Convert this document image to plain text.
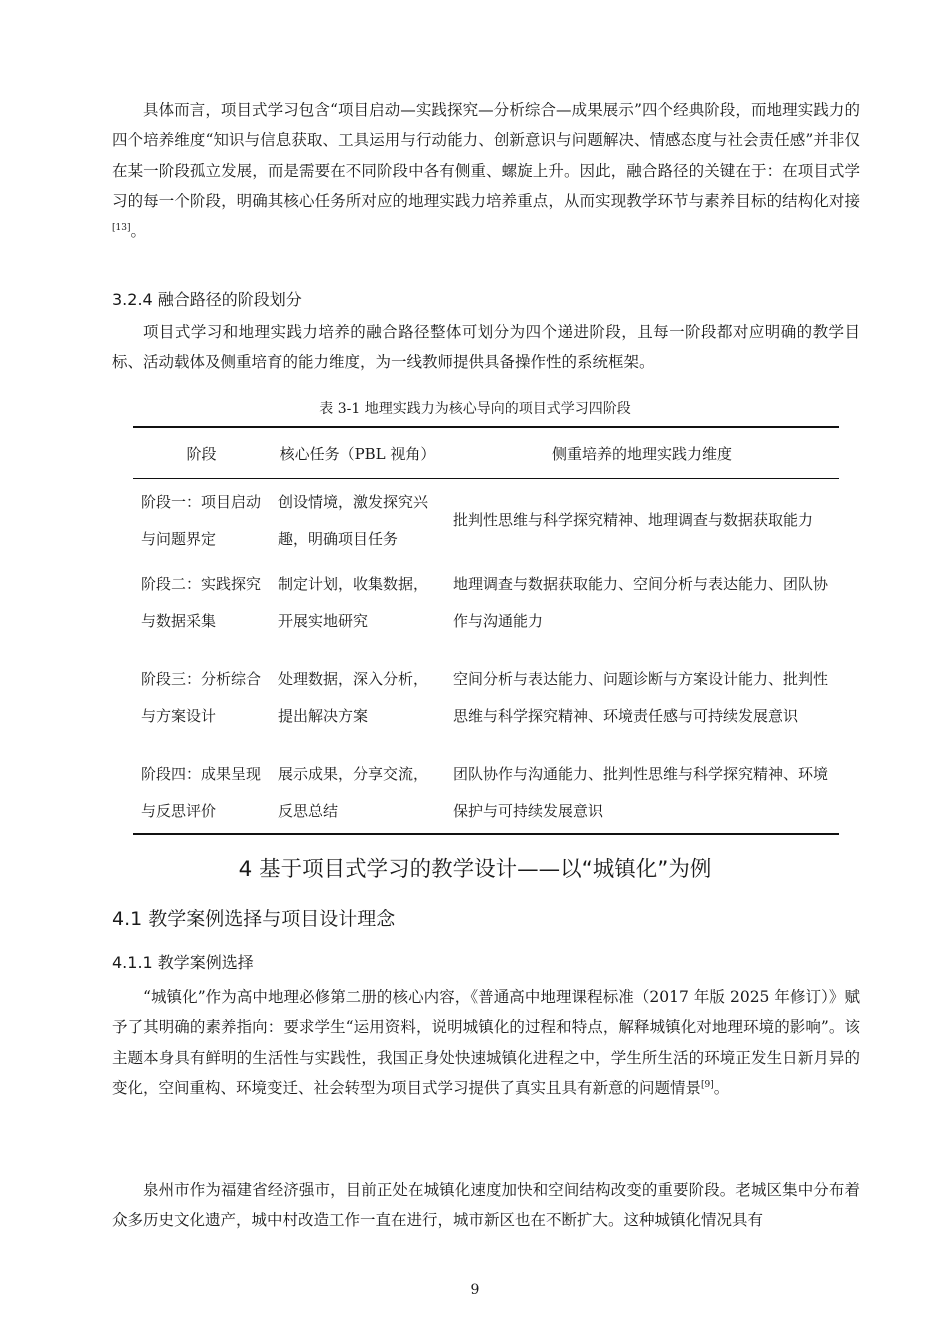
具体而言，项目式学习包含“项目启动—实践探究—分析综合—成果展示”四个经典阶段，而地理实践力的四个培养维度“知识与信息获取、工具运用与行动能力、创新意识与问题解决、情感态度与社会责任感”并非仅在某一阶段孤立发展，而是需要在不同阶段中各有侧重、螺旋上升。因此，融合路径的关键在于：在项目式学习的每一个阶段，明确其核心任务所对应的地理实践力培养重点，从而实现教学环节与素养目标的结构化对接[13]。

3.2.4 融合路径的阶段划分

项目式学习和地理实践力培养的融合路径整体可划分为四个递进阶段，且每一阶段都对应明确的教学目标、活动载体及侧重培育的能力维度，为一线教师提供具备操作性的系统框架。

表 3-1 地理实践力为核心导向的项目式学习四阶段

阶段	核心任务（PBL 视角）	侧重培养的地理实践力维度
阶段一：项目启动与问题界定	创设情境，激发探究兴趣，明确项目任务	批判性思维与科学探究精神、地理调查与数据获取能力
阶段二：实践探究与数据采集	制定计划，收集数据，开展实地研究	地理调查与数据获取能力、空间分析与表达能力、团队协作与沟通能力
阶段三：分析综合与方案设计	处理数据，深入分析，提出解决方案	空间分析与表达能力、问题诊断与方案设计能力、批判性思维与科学探究精神、环境责任感与可持续发展意识
阶段四：成果呈现与反思评价	展示成果，分享交流，反思总结	团队协作与沟通能力、批判性思维与科学探究精神、环境保护与可持续发展意识

4 基于项目式学习的教学设计——以“城镇化”为例

4.1 教学案例选择与项目设计理念

4.1.1 教学案例选择

“城镇化”作为高中地理必修第二册的核心内容，《普通高中地理课程标准（2017 年版 2025 年修订）》赋予了其明确的素养指向：要求学生“运用资料，说明城镇化的过程和特点，解释城镇化对地理环境的影响”。该主题本身具有鲜明的生活性与实践性，我国正身处快速城镇化进程之中，学生所生活的环境正发生日新月异的变化，空间重构、环境变迁、社会转型为项目式学习提供了真实且具有新意的问题情景[9]。

泉州市作为福建省经济强市，目前正处在城镇化速度加快和空间结构改变的重要阶段。老城区集中分布着众多历史文化遗产，城中村改造工作一直在进行，城市新区也在不断扩大。这种城镇化情况具有

9
